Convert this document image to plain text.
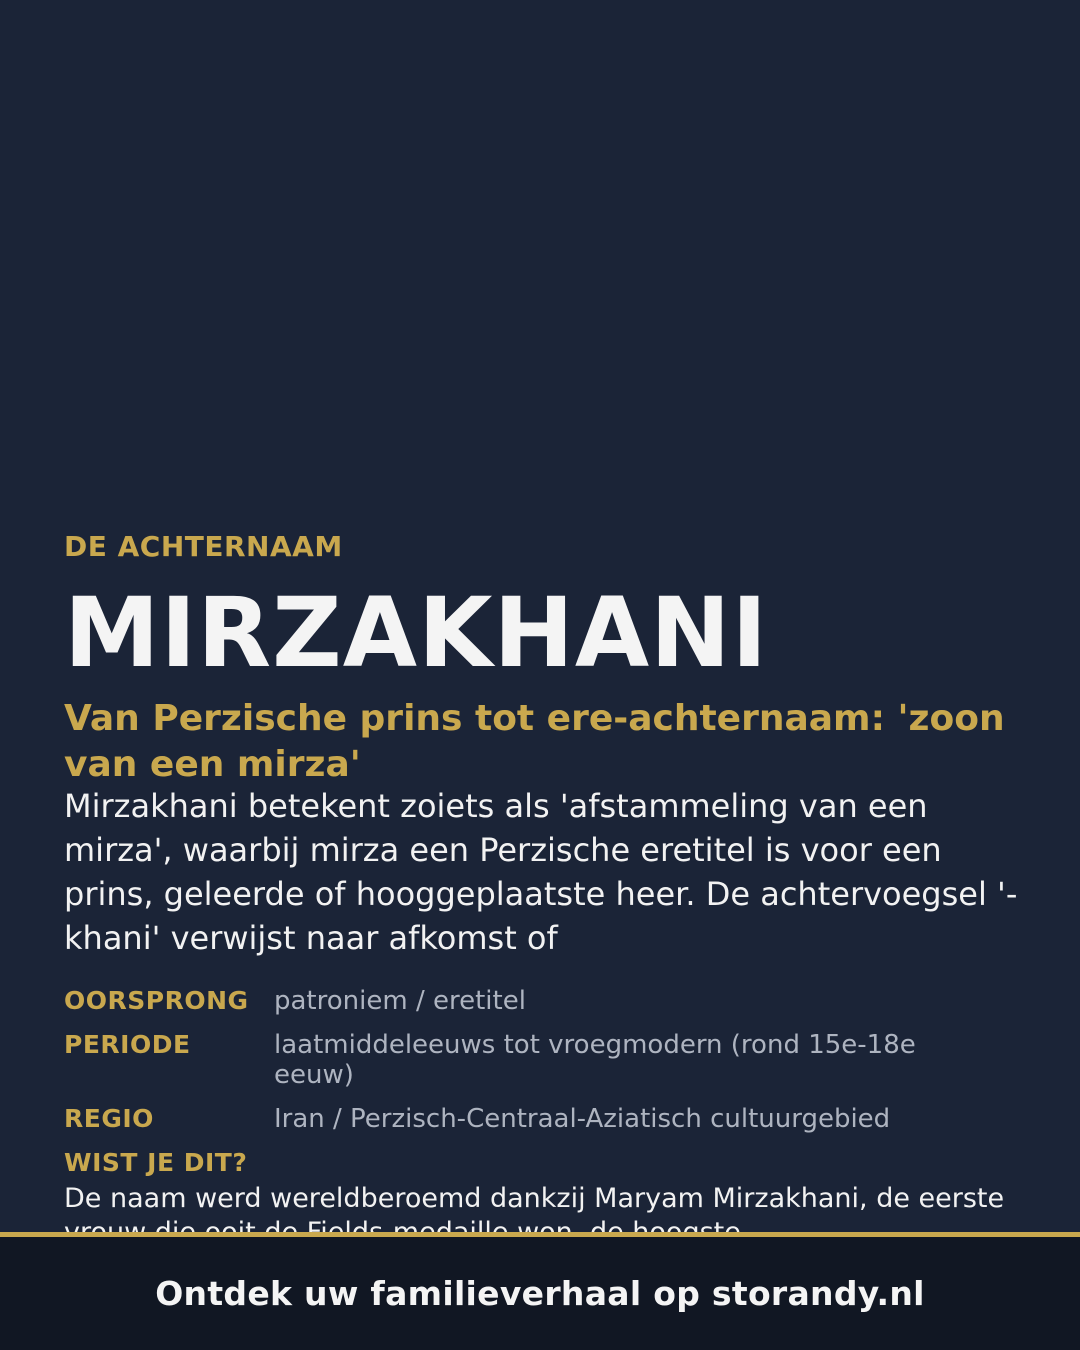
DE ACHTERNAAM
MIRZAKHANI
Van Perzische prins tot ere-achternaam: 'zoon van een mirza'
Mirzakhani betekent zoiets als 'afstammeling van een mirza', waarbij mirza een Perzische eretitel is voor een prins, geleerde of hooggeplaatste heer. De achtervoegsel '-khani' verwijst naar afkomst of
OORSPRONG patroniem / eretitel
PERIODE	laatmiddeleeuws tot vroegmodern (rond 15e-18e eeuw)
REGIO	Iran / Perzisch-Centraal-Aziatisch cultuurgebied
WIST JE DIT?
De naam werd wereldberoemd dankzij Maryam Mirzakhani, de eerste
Ontdek uw familieverhaal op storandy.nl
